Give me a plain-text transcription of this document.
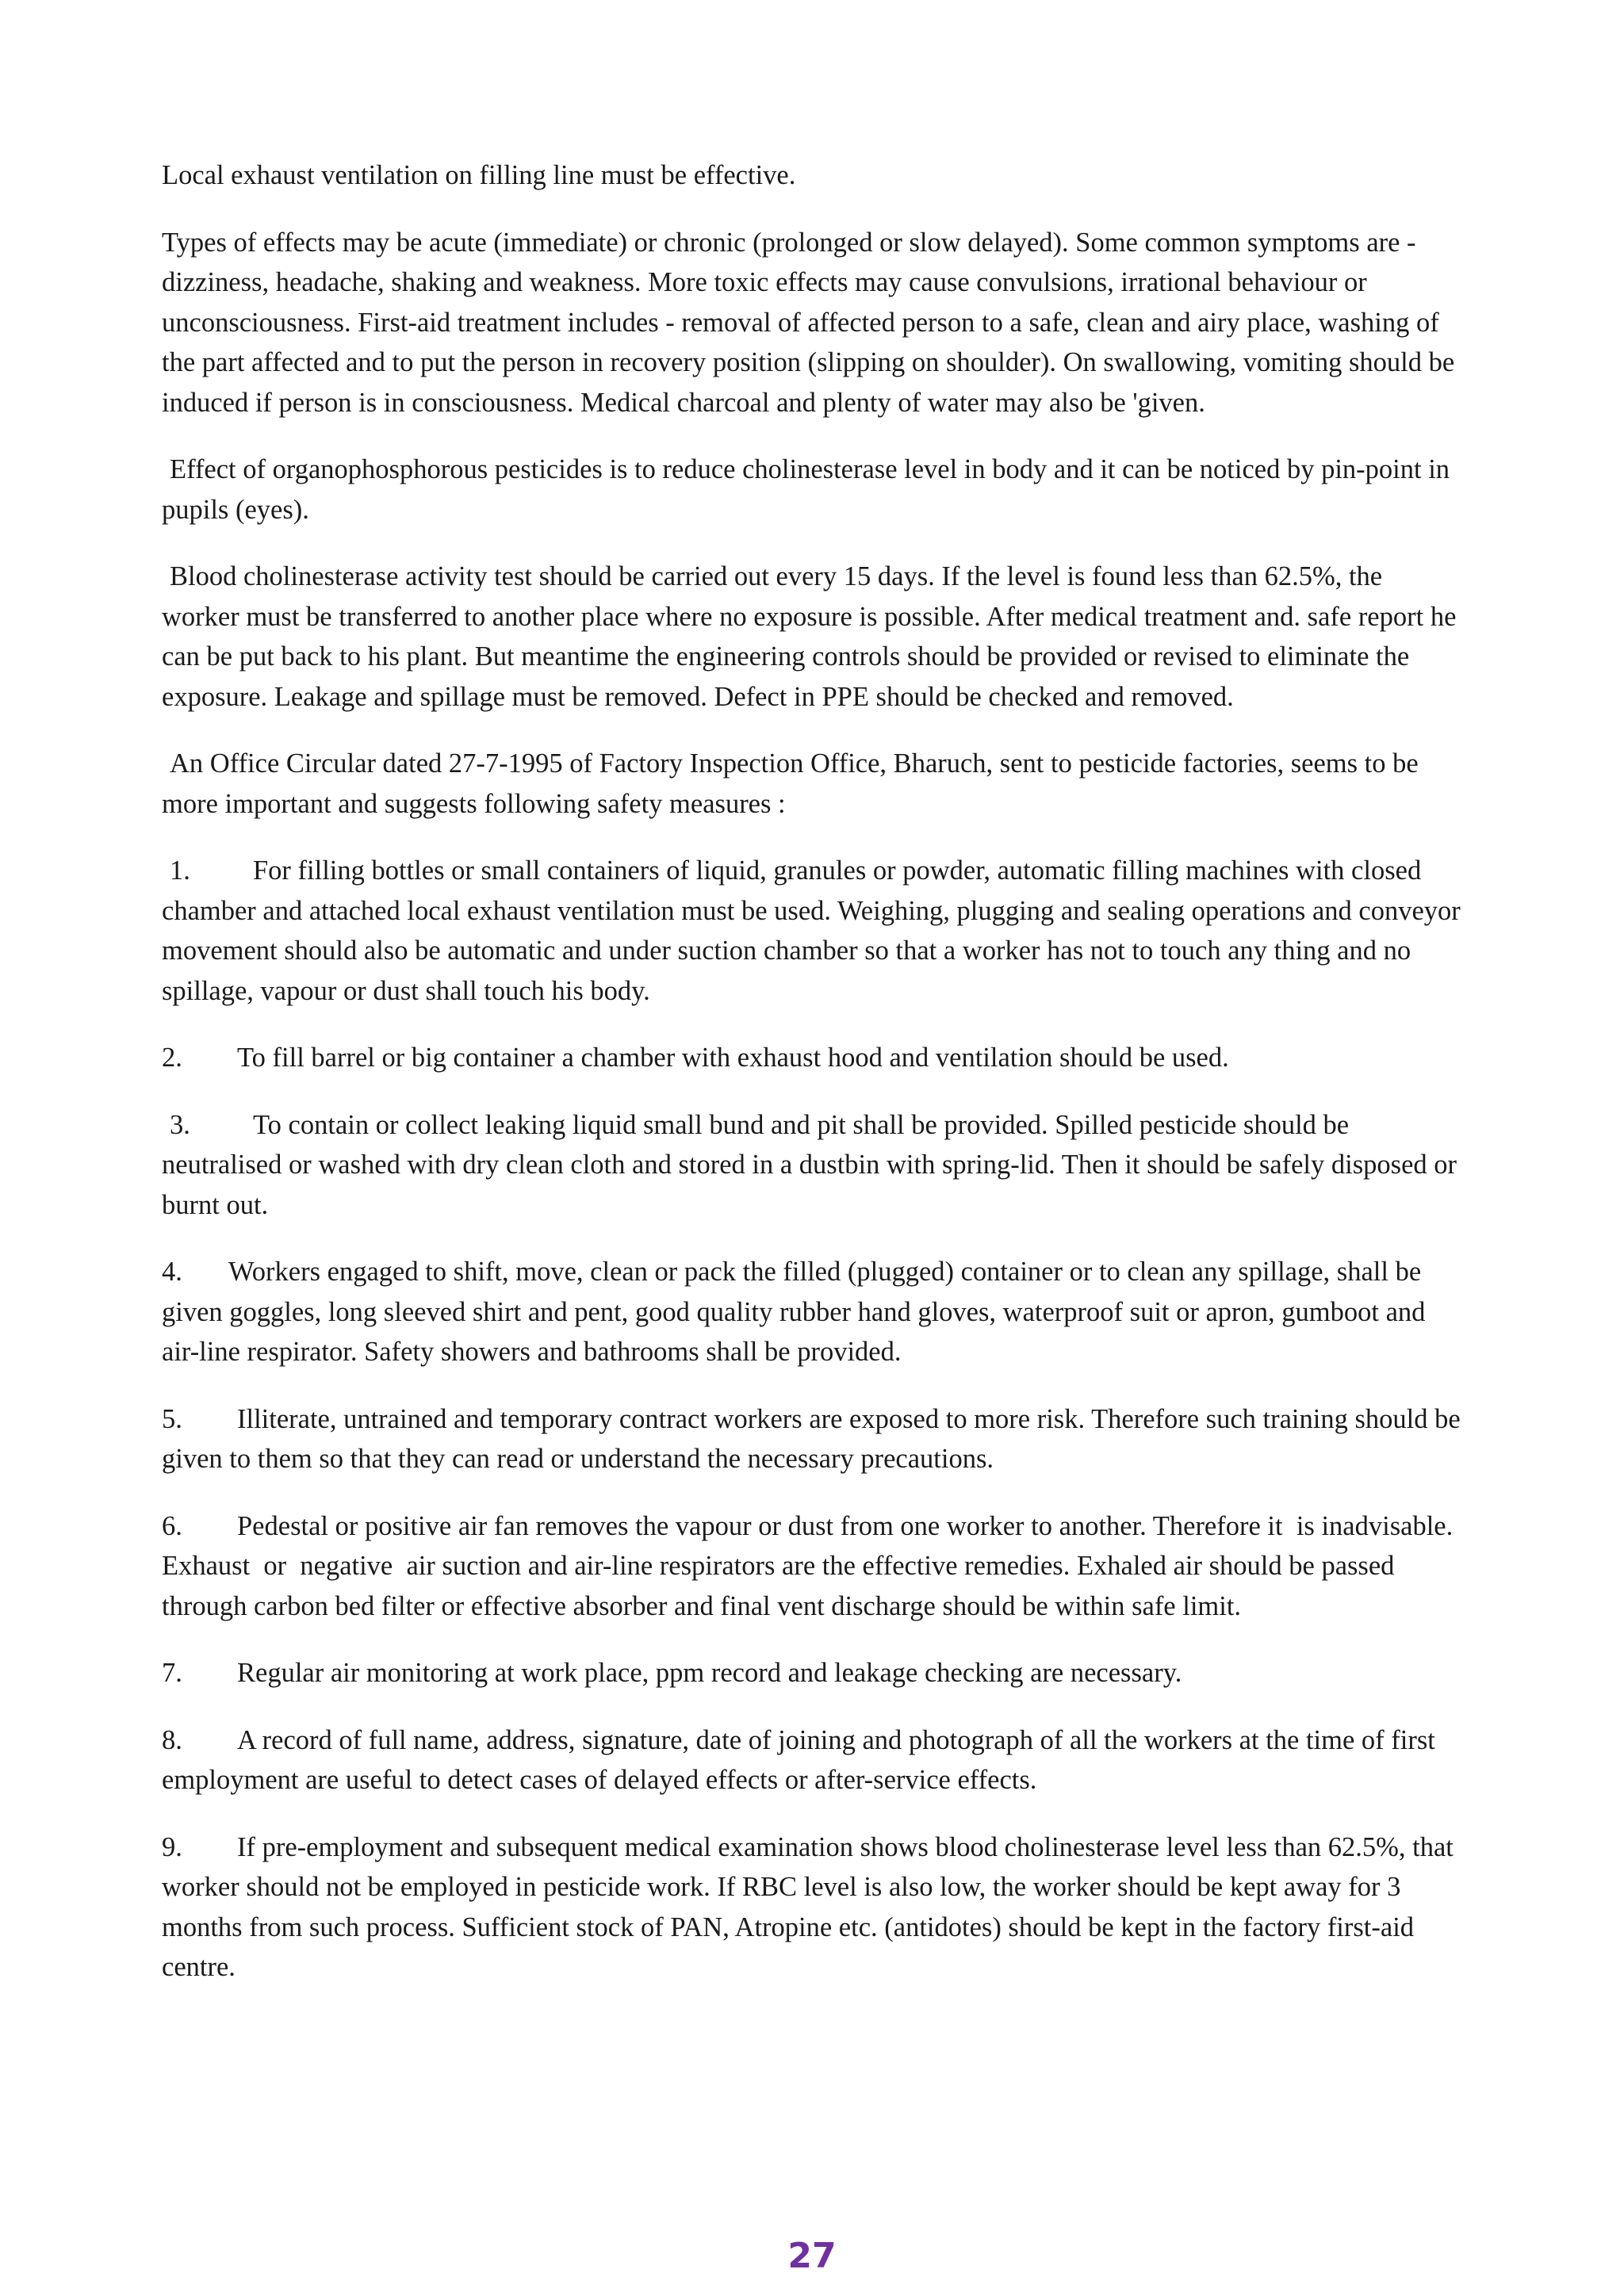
Local exhaust ventilation on filling line must be effective.

Types of effects may be acute (immediate) or chronic (prolonged or slow delayed). Some common symptoms are - dizziness, headache, shaking and weakness. More toxic effects may cause convulsions, irrational behaviour or unconsciousness. First-aid treatment includes - removal of affected person to a safe, clean and airy place, washing of the part affected and to put the person in recovery position (slipping on shoulder). On swallowing, vomiting should be induced if person is in consciousness. Medical charcoal and plenty of water may also be 'given.

Effect of organophosphorous pesticides is to reduce cholinesterase level in body and it can be noticed by pin-point in pupils (eyes).

Blood cholinesterase activity test should be carried out every 15 days. If the level is found less than 62.5%, the worker must be transferred to another place where no exposure is possible. After medical treatment and. safe report he can be put back to his plant. But meantime the engineering controls should be provided or revised to eliminate the exposure. Leakage and spillage must be removed. Defect in PPE should be checked and removed.

An Office Circular dated 27-7-1995 of Factory Inspection Office, Bharuch, sent to pesticide factories, seems to be more important and suggests following safety measures :

1. For filling bottles or small containers of liquid, granules or powder, automatic filling machines with closed chamber and attached local exhaust ventilation must be used. Weighing, plugging and sealing operations and conveyor movement should also be automatic and under suction chamber so that a worker has not to touch any thing and no spillage, vapour or dust shall touch his body.
2. To fill barrel or big container a chamber with exhaust hood and ventilation should be used.
3. To contain or collect leaking liquid small bund and pit shall be provided. Spilled pesticide should be neutralised or washed with dry clean cloth and stored in a dustbin with spring-lid. Then it should be safely disposed or burnt out.
4. Workers engaged to shift, move, clean or pack the filled (plugged) container or to clean any spillage, shall be given goggles, long sleeved shirt and pent, good quality rubber hand gloves, waterproof suit or apron, gumboot and air-line respirator. Safety showers and bathrooms shall be provided.
5. Illiterate, untrained and temporary contract workers are exposed to more risk. Therefore such training should be given to them so that they can read or understand the necessary precautions.
6. Pedestal or positive air fan removes the vapour or dust from one worker to another. Therefore it  is inadvisable.  Exhaust  or  negative  air suction and air-line respirators are the effective remedies. Exhaled air should be passed through carbon bed filter or effective absorber and final vent discharge should be within safe limit.
7. Regular air monitoring at work place, ppm record and leakage checking are necessary.
8. A record of full name, address, signature, date of joining and photograph of all the workers at the time of first employment are useful to detect cases of delayed effects or after-service effects.
9. If pre-employment and subsequent medical examination shows blood cholinesterase level less than 62.5%, that worker should not be employed in pesticide work. If RBC level is also low, the worker should be kept away for 3 months from such process. Sufficient stock of PAN, Atropine etc. (antidotes) should be kept in the factory first-aid centre.
27
